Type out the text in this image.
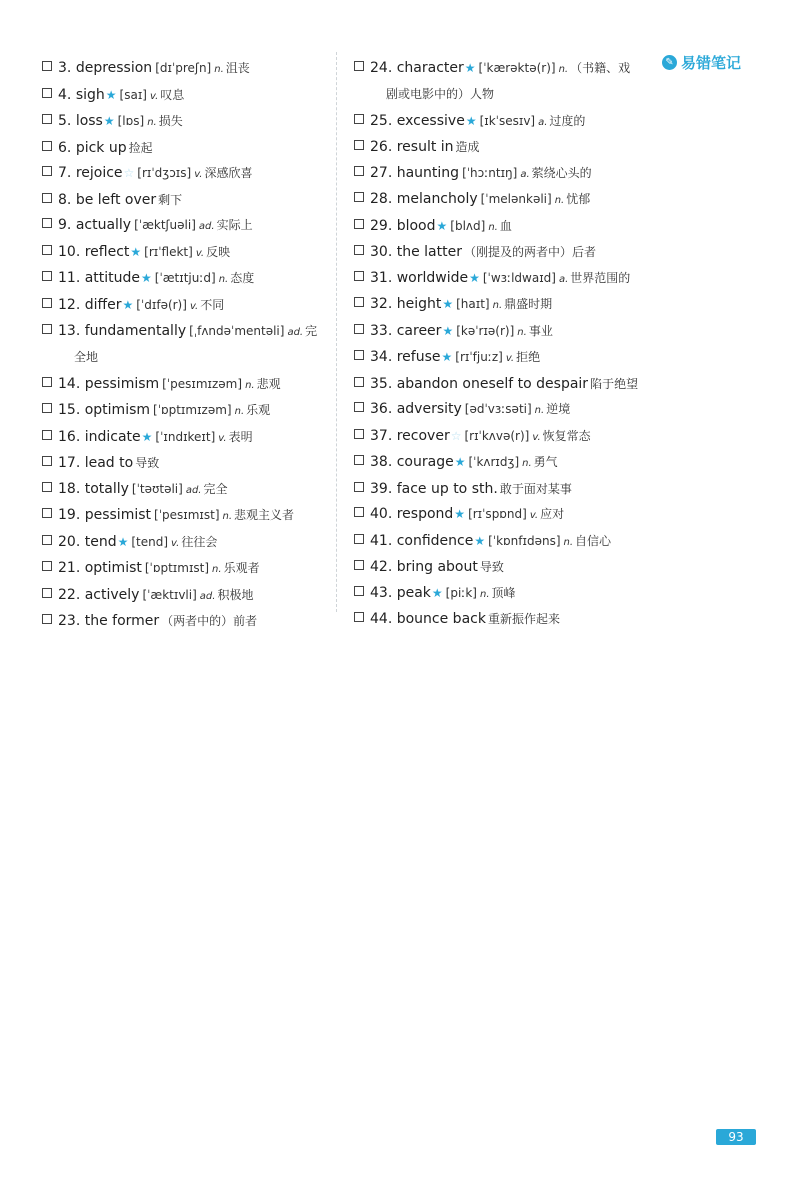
✎ 易错笔记
3. depression [dɪˈpreʃn] n. 沮丧
4. sigh★ [saɪ] v. 叹息
5. loss★ [lɒs] n. 损失
6. pick up 捡起
7. rejoice☆ [rɪˈdʒɔɪs] v. 深感欣喜
8. be left over 剩下
9. actually [ˈæktʃuəli] ad. 实际上
10. reflect★ [rɪˈflekt] v. 反映
11. attitude★ [ˈætɪtjuːd] n. 态度
12. differ★ [ˈdɪfə(r)] v. 不同
13. fundamentally [ˌfʌndəˈmentəli] ad. 完
全地
14. pessimism [ˈpesɪmɪzəm] n. 悲观
15. optimism [ˈɒptɪmɪzəm] n. 乐观
16. indicate★ [ˈɪndɪkeɪt] v. 表明
17. lead to 导致
18. totally [ˈtəʊtəli] ad. 完全
19. pessimist [ˈpesɪmɪst] n. 悲观主义者
20. tend★ [tend] v. 往往会
21. optimist [ˈɒptɪmɪst] n. 乐观者
22. actively [ˈæktɪvli] ad. 积极地
23. the former （两者中的）前者
24. character★ [ˈkærəktə(r)] n. （书籍、戏
剧或电影中的）人物
25. excessive★ [ɪkˈsesɪv] a. 过度的
26. result in 造成
27. haunting [ˈhɔːntɪŋ] a. 萦绕心头的
28. melancholy [ˈmelənkəli] n. 忧郁
29. blood★ [blʌd] n. 血
30. the latter （刚提及的两者中）后者
31. worldwide★ [ˈwɜːldwaɪd] a. 世界范围的
32. height★ [haɪt] n. 鼎盛时期
33. career★ [kəˈrɪə(r)] n. 事业
34. refuse★ [rɪˈfjuːz] v. 拒绝
35. abandon oneself to despair 陷于绝望
36. adversity [ədˈvɜːsəti] n. 逆境
37. recover☆ [rɪˈkʌvə(r)] v. 恢复常态
38. courage★ [ˈkʌrɪdʒ] n. 勇气
39. face up to sth. 敢于面对某事
40. respond★ [rɪˈspɒnd] v. 应对
41. confidence★ [ˈkɒnfɪdəns] n. 自信心
42. bring about 导致
43. peak★ [piːk] n. 顶峰
44. bounce back 重新振作起来
93
